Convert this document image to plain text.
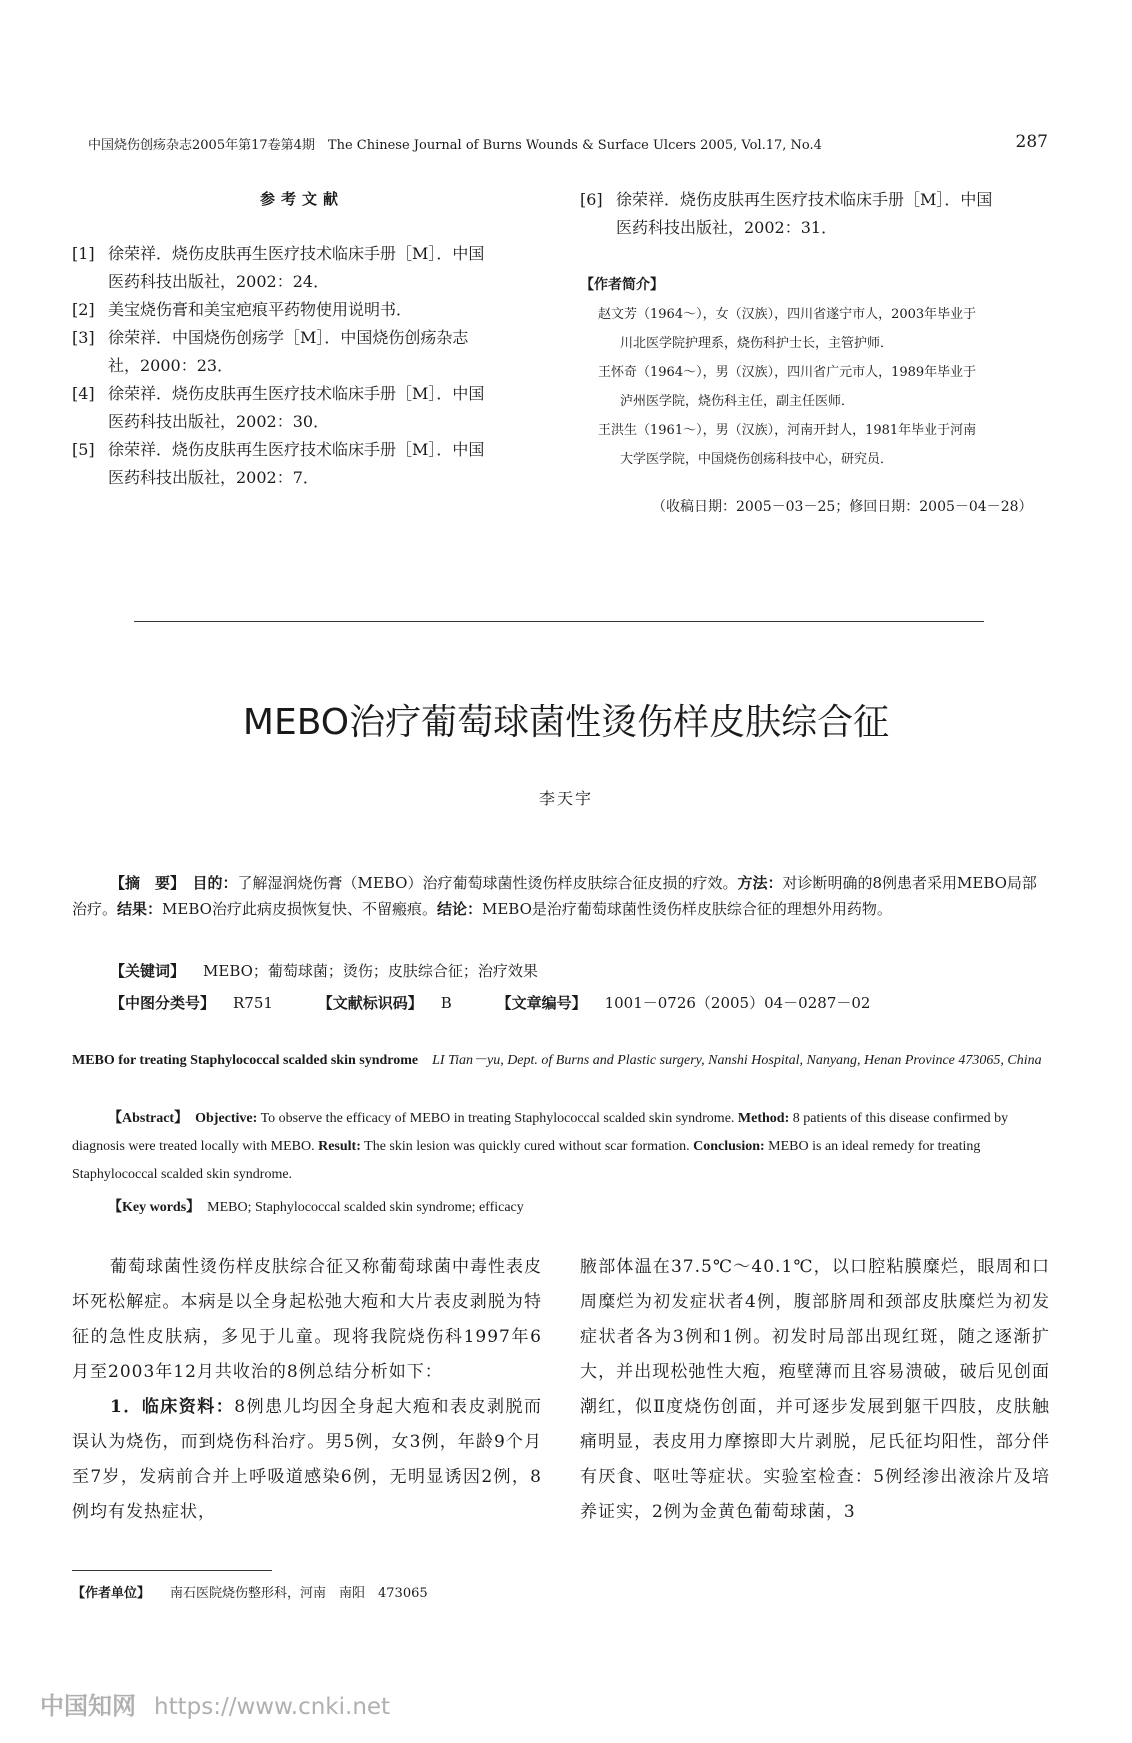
中国烧伤创疡杂志2005年第17卷第4期　The Chinese Journal of Burns Wounds & Surface Ulcers 2005, Vol.17, No.4	287
参考文献
[1] 徐荣祥．烧伤皮肤再生医疗技术临床手册［M］．中国
医药科技出版社，2002：24．
[2] 美宝烧伤膏和美宝疤痕平药物使用说明书．
[3] 徐荣祥．中国烧伤创疡学［M］．中国烧伤创疡杂志
社，2000：23．
[4] 徐荣祥．烧伤皮肤再生医疗技术临床手册［M］．中国
医药科技出版社，2002：30．
[5] 徐荣祥．烧伤皮肤再生医疗技术临床手册［M］．中国
医药科技出版社，2002：7．
[6] 徐荣祥．烧伤皮肤再生医疗技术临床手册［M］．中国
医药科技出版社，2002：31．
【作者简介】
赵文芳（1964～），女（汉族），四川省遂宁市人，2003年毕业于
川北医学院护理系，烧伤科护士长，主管护师．
王怀奇（1964～），男（汉族），四川省广元市人，1989年毕业于
泸州医学院，烧伤科主任，副主任医师．
王洪生（1961～），男（汉族），河南开封人，1981年毕业于河南
大学医学院，中国烧伤创疡科技中心，研究员．
（收稿日期：2005－03－25；修回日期：2005－04－28）
MEBO治疗葡萄球菌性烫伤样皮肤综合征
李天宇
【摘　要】　 目的：了解湿润烧伤膏（MEBO）治疗葡萄球菌性烫伤样皮肤综合征皮损的疗效。方法：对诊断明确的8例患者采用MEBO局部治疗。结果：MEBO治疗此病皮损恢复快、不留瘢痕。结论：MEBO是治疗葡萄球菌性烫伤样皮肤综合征的理想外用药物。
【关键词】 MEBO；葡萄球菌；烫伤；皮肤综合征；治疗效果
【中图分类号】 R751	【文献标识码】 B	【文章编号】 1001－0726（2005）04－0287－02
MEBO for treating Staphylococcal scalded skin syndrome　 LI Tian－yu, Dept. of Burns and Plastic surgery, Nanshi Hospital, Nanyang, Henan Province 473065, China
【Abstract】　 Objective: To observe the efficacy of MEBO in treating Staphylococcal scalded skin syndrome. Method: 8 patients of this disease confirmed by diagnosis were treated locally with MEBO. Result: The skin lesion was quickly cured without scar formation. Conclusion: MEBO is an ideal remedy for treating Staphylococcal scalded skin syndrome.
【Key words】　 MEBO; Staphylococcal scalded skin syndrome; efficacy

葡萄球菌性烫伤样皮肤综合征又称葡萄球菌中毒性表皮坏死松解症。本病是以全身起松弛大疱和大片表皮剥脱为特征的急性皮肤病，多见于儿童。现将我院烧伤科1997年6月至2003年12月共收治的8例总结分析如下：

1．临床资料：8例患儿均因全身起大疱和表皮剥脱而误认为烧伤，而到烧伤科治疗。男5例，女3例，年龄9个月至7岁，发病前合并上呼吸道感染6例，无明显诱因2例，8例均有发热症状，

腋部体温在37.5℃～40.1℃，以口腔粘膜糜烂，眼周和口周糜烂为初发症状者4例，腹部脐周和颈部皮肤糜烂为初发症状者各为3例和1例。初发时局部出现红斑，随之逐渐扩大，并出现松弛性大疱，疱壁薄而且容易溃破，破后见创面潮红，似Ⅱ度烧伤创面，并可逐步发展到躯干四肢，皮肤触痛明显，表皮用力摩擦即大片剥脱，尼氏征均阳性，部分伴有厌食、呕吐等症状。实验室检查：5例经渗出液涂片及培养证实，2例为金黄色葡萄球菌，3

【作者单位】 南石医院烧伤整形科，河南　南阳　473065
中国知网 https://www.cnki.net
